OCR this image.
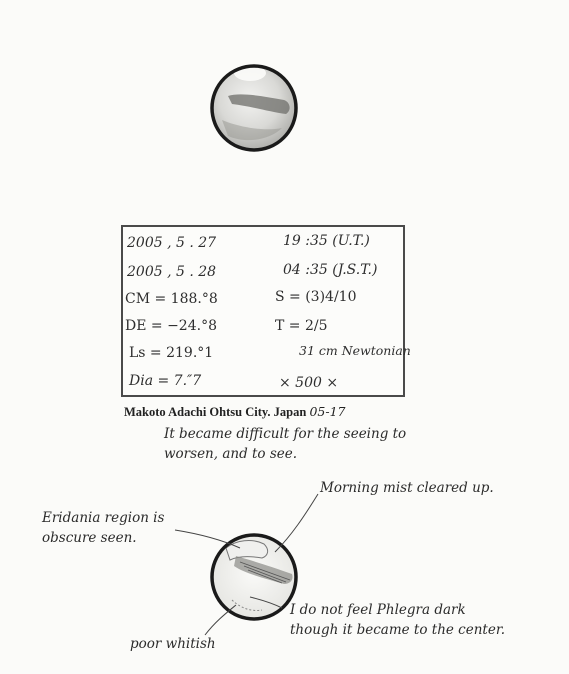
2005 , 5 . 27	19 :35 (U.T.)
2005 , 5 . 28	04 :35 (J.S.T.)
CM = 188.°8	S = (3)4/10
DE = −24.°8	T = 2/5
Ls = 219.°1	31 cm Newtonian
Dia = 7.″7	× 500 ×
Makoto Adachi Ohtsu City. Japan 05-17
It became difficult for the seeing to
worsen, and to see.
Morning mist cleared up.
Eridania region is
obscure seen.
I do not feel Phlegra dark
though it became to the center.
poor whitish
